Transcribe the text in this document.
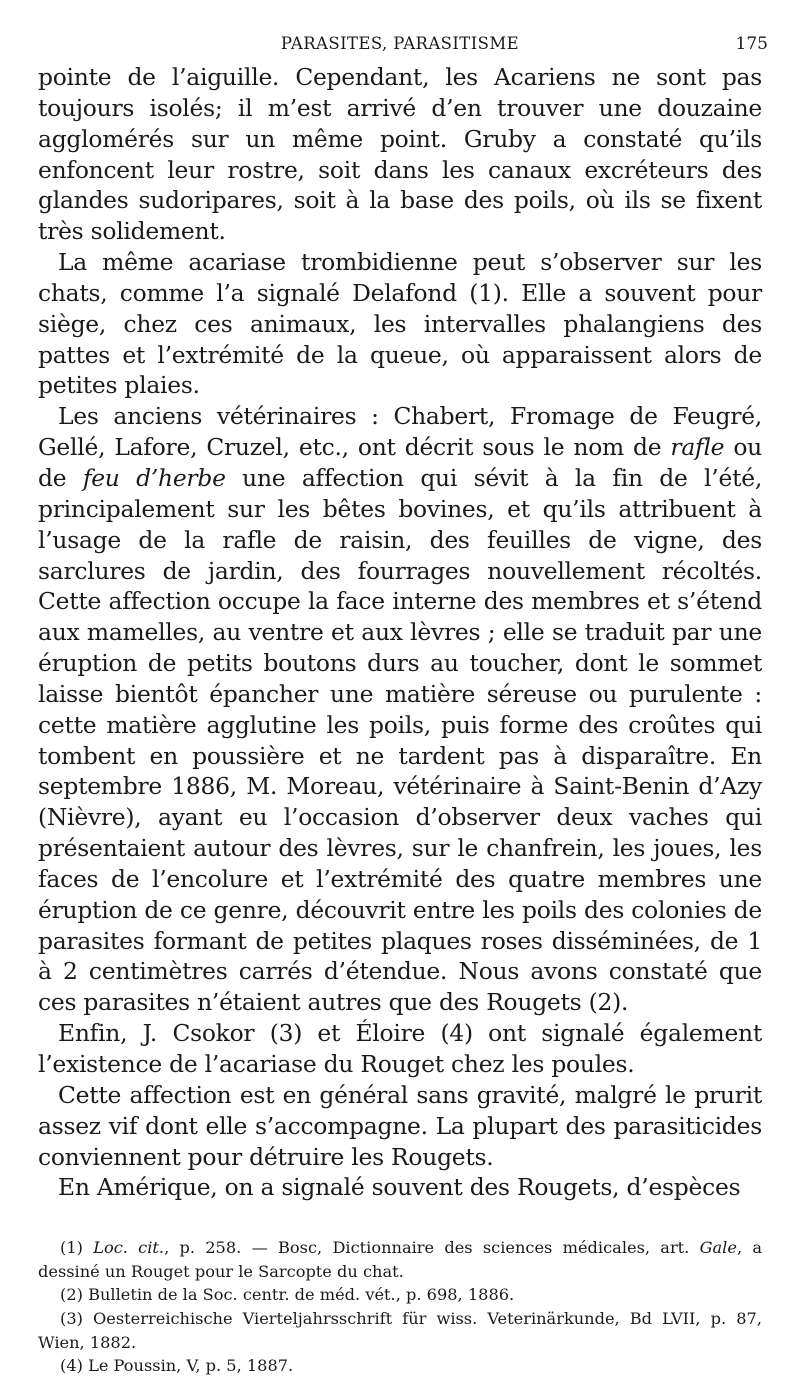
PARASITES, PARASITISME	175

pointe de l’aiguille. Cependant, les Acariens ne sont pas toujours isolés; il m’est arrivé d’en trouver une douzaine agglomérés sur un même point. Gruby a constaté qu’ils enfoncent leur rostre, soit dans les canaux excréteurs des glandes sudoripares, soit à la base des poils, où ils se fixent très solidement.

La même acariase trombidienne peut s’observer sur les chats, comme l’a signalé Delafond (1). Elle a souvent pour siège, chez ces animaux, les intervalles phalangiens des pattes et l’extrémité de la queue, où apparaissent alors de petites plaies.

Les anciens vétérinaires : Chabert, Fromage de Feugré, Gellé, Lafore, Cruzel, etc., ont décrit sous le nom de rafle ou de feu d’herbe une affection qui sévit à la fin de l’été, principalement sur les bêtes bovines, et qu’ils attribuent à l’usage de la rafle de raisin, des feuilles de vigne, des sarclures de jardin, des fourrages nouvellement récoltés. Cette affection occupe la face interne des membres et s’étend aux mamelles, au ventre et aux lèvres ; elle se traduit par une éruption de petits boutons durs au toucher, dont le sommet laisse bientôt épancher une matière séreuse ou purulente : cette matière agglutine les poils, puis forme des croûtes qui tombent en poussière et ne tardent pas à disparaître. En septembre 1886, M. Moreau, vétérinaire à Saint-Benin d’Azy (Nièvre), ayant eu l’occasion d’observer deux vaches qui présentaient autour des lèvres, sur le chanfrein, les joues, les faces de l’encolure et l’extrémité des quatre membres une éruption de ce genre, découvrit entre les poils des colonies de parasites formant de petites plaques roses disséminées, de 1 à 2 centimètres carrés d’étendue. Nous avons constaté que ces parasites n’étaient autres que des Rougets (2).

Enfin, J. Csokor (3) et Éloire (4) ont signalé également l’existence de l’acariase du Rouget chez les poules.

Cette affection est en général sans gravité, malgré le prurit assez vif dont elle s’accompagne. La plupart des parasiticides conviennent pour détruire les Rougets.

En Amérique, on a signalé souvent des Rougets, d’espèces

(1) Loc. cit., p. 258. — Bosc, Dictionnaire des sciences médicales, art. Gale, a dessiné un Rouget pour le Sarcopte du chat.

(2) Bulletin de la Soc. centr. de méd. vét., p. 698, 1886.

(3) Oesterreichische Vierteljahrsschrift für wiss. Veterinärkunde, Bd LVII, p. 87, Wien, 1882.

(4) Le Poussin, V, p. 5, 1887.
